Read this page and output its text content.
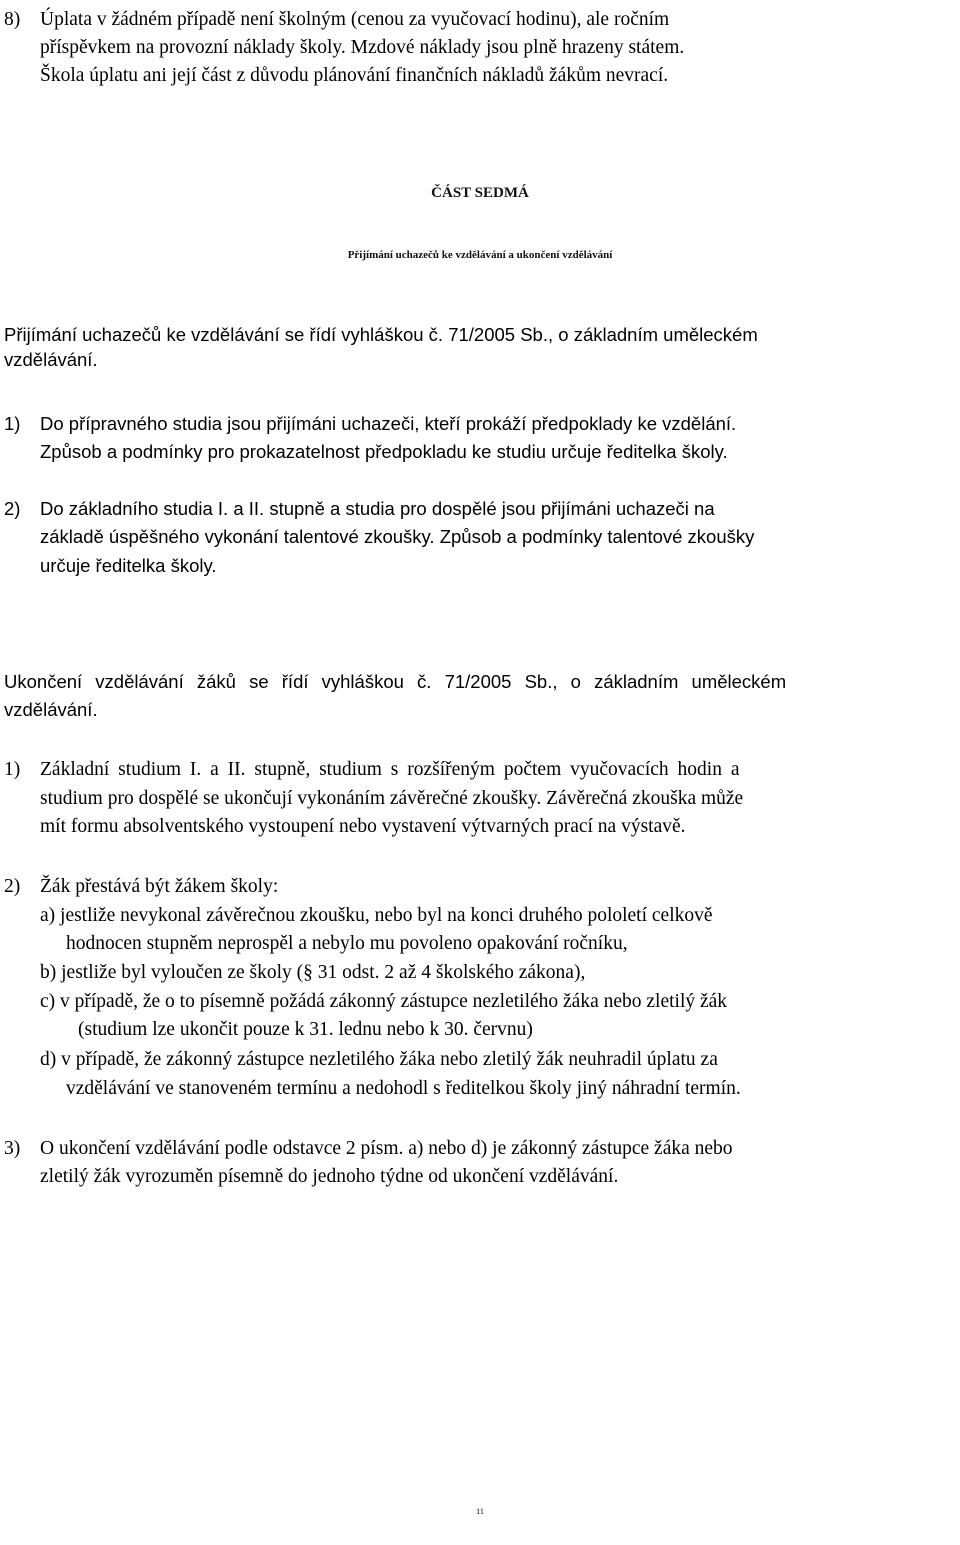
8) Úplata v žádném případě není školným (cenou za vyučovací hodinu), ale ročním
příspěvkem na provozní náklady školy. Mzdové náklady jsou plně hrazeny státem.
Škola úplatu ani její část z důvodu plánování finančních nákladů žákům nevrací.
ČÁST SEDMÁ
Přijímání uchazečů ke vzdělávání a ukončení vzdělávání
Přijímání uchazečů ke vzdělávání se řídí vyhláškou č. 71/2005 Sb., o základním uměleckém
vzdělávání.
1) Do přípravného studia jsou přijímáni uchazeči, kteří prokáží předpoklady ke vzdělání.
Způsob a podmínky pro prokazatelnost předpokladu ke studiu určuje ředitelka školy.
2) Do základního studia I. a II. stupně a studia pro dospělé jsou přijímáni uchazeči na
základě úspěšného vykonání talentové zkoušky. Způsob a podmínky talentové zkoušky
určuje ředitelka školy.
Ukončení vzdělávání žáků se řídí vyhláškou č. 71/2005 Sb., o základním uměleckém
vzdělávání.
1) Základní studium I. a II. stupně, studium s rozšířeným počtem vyučovacích hodin a
studium pro dospělé se ukončují vykonáním závěrečné zkoušky. Závěrečná zkouška může
mít formu absolventského vystoupení nebo vystavení výtvarných prací na výstavě.
2) Žák přestává být žákem školy:
a) jestliže nevykonal závěrečnou zkoušku, nebo byl na konci druhého pololetí celkově
hodnocen stupněm neprospěl a nebylo mu povoleno opakování ročníku,
b) jestliže byl vyloučen ze školy (§ 31 odst. 2 až 4 školského zákona),
c) v případě, že o to písemně požádá zákonný zástupce nezletilého žáka nebo zletilý žák
(studium lze ukončit pouze k 31. lednu nebo k 30. červnu)
d) v případě, že zákonný zástupce nezletilého žáka nebo zletilý žák neuhradil úplatu za
vzdělávání ve stanoveném termínu a nedohodl s ředitelkou školy jiný náhradní termín.
3) O ukončení vzdělávání podle odstavce 2 písm. a) nebo d) je zákonný zástupce žáka nebo
zletilý žák vyrozuměn písemně do jednoho týdne od ukončení vzdělávání.
11
